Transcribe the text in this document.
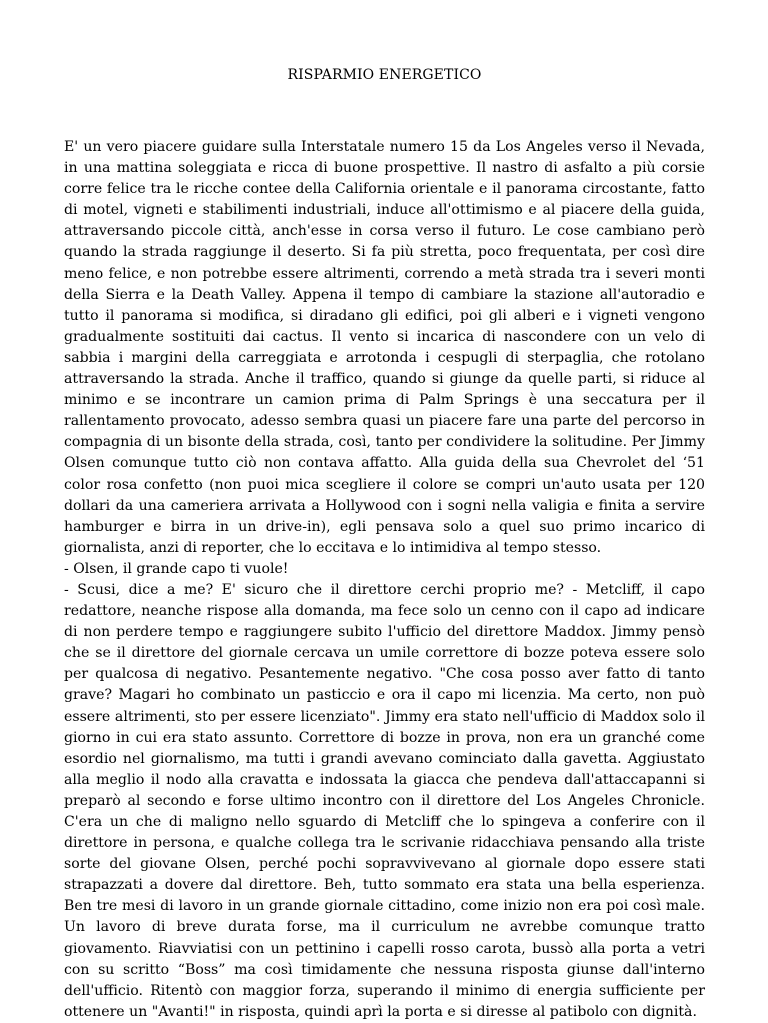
RISPARMIO ENERGETICO

E' un vero piacere guidare sulla Interstatale numero 15 da Los Angeles verso il Nevada, in una mattina soleggiata e ricca di buone prospettive. Il nastro di asfalto a più corsie corre felice tra le ricche contee della California orientale e il panorama circostante, fatto di motel, vigneti e stabilimenti industriali, induce all'ottimismo e al piacere della guida, attraversando piccole città, anch'esse in corsa verso il futuro. Le cose cambiano però quando la strada raggiunge il deserto. Si fa più stretta, poco frequentata, per così dire meno felice, e non potrebbe essere altrimenti, correndo a metà strada tra i severi monti della Sierra e la Death Valley. Appena il tempo di cambiare la stazione all'autoradio e tutto il panorama si modifica, si diradano gli edifici, poi gli alberi e i vigneti vengono gradualmente sostituiti dai cactus. Il vento si incarica di nascondere con un velo di sabbia i margini della carreggiata e arrotonda i cespugli di sterpaglia, che rotolano attraversando la strada. Anche il traffico, quando si giunge da quelle parti, si riduce al minimo e se incontrare un camion prima di Palm Springs è una seccatura per il rallentamento provocato, adesso sembra quasi un piacere fare una parte del percorso in compagnia di un bisonte della strada, così, tanto per condividere la solitudine. Per Jimmy Olsen comunque tutto ciò non contava affatto. Alla guida della sua Chevrolet del ‘51 color rosa confetto (non puoi mica scegliere il colore se compri un'auto usata per 120 dollari da una cameriera arrivata a Hollywood con i sogni nella valigia e finita a servire hamburger e birra in un drive-in), egli pensava solo a quel suo primo incarico di giornalista, anzi di reporter, che lo eccitava e lo intimidiva al tempo stesso.

- Olsen, il grande capo ti vuole!

- Scusi, dice a me? E' sicuro che il direttore cerchi proprio me? - Metcliff, il capo redattore, neanche rispose alla domanda, ma fece solo un cenno con il capo ad indicare di non perdere tempo e raggiungere subito l'ufficio del direttore Maddox. Jimmy pensò che se il direttore del giornale cercava un umile correttore di bozze poteva essere solo per qualcosa di negativo. Pesantemente negativo. "Che cosa posso aver fatto di tanto grave? Magari ho combinato un pasticcio e ora il capo mi licenzia. Ma certo, non può essere altrimenti, sto per essere licenziato". Jimmy era stato nell'ufficio di Maddox solo il giorno in cui era stato assunto. Correttore di bozze in prova, non era un granché come esordio nel giornalismo, ma tutti i grandi avevano cominciato dalla gavetta. Aggiustato alla meglio il nodo alla cravatta e indossata la giacca che pendeva dall'attaccapanni si preparò al secondo e forse ultimo incontro con il direttore del Los Angeles Chronicle. C'era un che di maligno nello sguardo di Metcliff che lo spingeva a conferire con il direttore in persona, e qualche collega tra le scrivanie ridacchiava pensando alla triste sorte del giovane Olsen, perché pochi sopravvivevano al giornale dopo essere stati strapazzati a dovere dal direttore. Beh, tutto sommato era stata una bella esperienza. Ben tre mesi di lavoro in un grande giornale cittadino, come inizio non era poi così male. Un lavoro di breve durata forse, ma il curriculum ne avrebbe comunque tratto giovamento. Riavviatisi con un pettinino i capelli rosso carota, bussò alla porta a vetri con su scritto “Boss” ma così timidamente che nessuna risposta giunse dall'interno dell'ufficio. Ritentò con maggior forza, superando il minimo di energia sufficiente per ottenere un "Avanti!" in risposta, quindi aprì la porta e si diresse al patibolo con dignità.
